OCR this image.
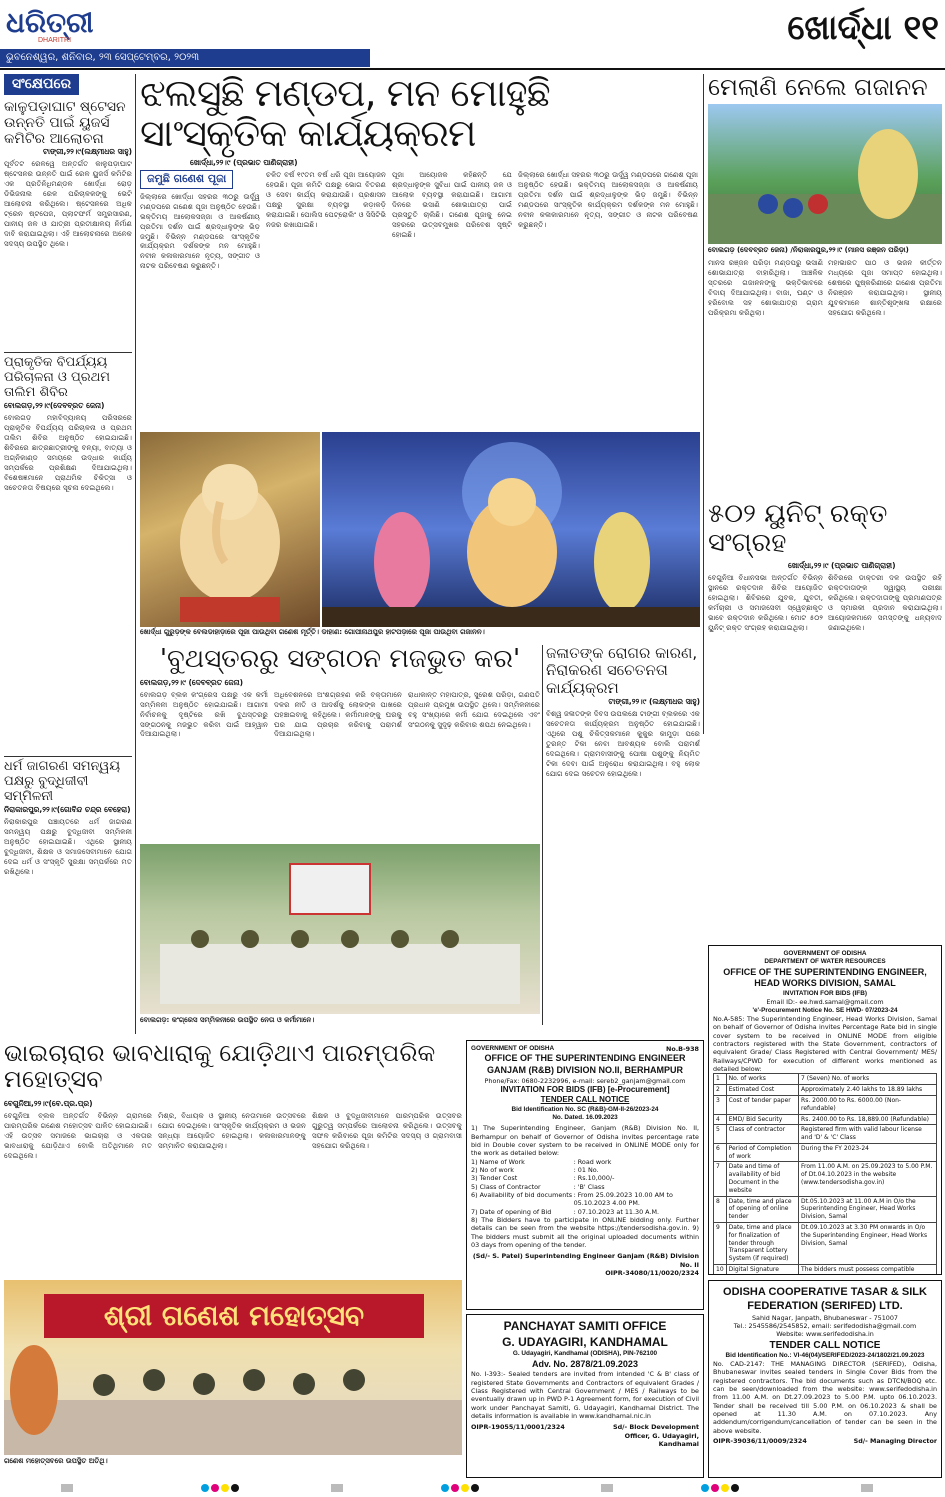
ଧରିତ୍ରୀ
DHARITRI
ଭୁବନେଶ୍ୱର, ଶନିବାର, ୨୩ ସେପ୍ଟେମ୍ବର, ୨୦୨୩
ଖୋର୍ଦ୍ଧା ୧୧
ସଂକ୍ଷେପରେ
କାଳୁପଡ଼ାଘାଟ ଷ୍ଟେସନ ଉନ୍ନତି ପାଇଁ ୟୁଜର୍ସ କମିଟିର ଆଲୋଚନା
ଟାଙ୍ଗୀ,୨୨।୯(ଲକ୍ଷ୍ମୀଧର ସାହୁ)
ପୂର୍ବତଟ ରେଳୱେ ଅନ୍ତର୍ଗତ କାଳୁପଡ଼ାଘାଟ ଷ୍ଟେସନର ଉନ୍ନତି ପାଇଁ ରେଳ ୟୁଜର୍ସ କମିଟିର ଏକ ପ୍ରତିନିଧିମଣ୍ଡଳ ଖୋର୍ଦ୍ଧା ରୋଡ଼ ଡିଭିଜନାଲ ରେଳ ପରିଚାଳକଙ୍କୁ ଭେଟି ଆଲୋଚନା କରିଥିଲେ। ଷ୍ଟେସନରେ ଅଧିକ ଟ୍ରେନ ଷ୍ଟପେଜ, ପ୍ଲାଟଫର୍ମ ସମ୍ପ୍ରସାରଣ, ପାନୀୟ ଜଳ ଓ ଯାତ୍ରୀ ପ୍ରତୀକ୍ଷାଳୟ ନିର୍ମାଣ ଦାବି କରାଯାଇଥିଲା। ଏହି ଆଲୋଚନାରେ ଅନେକ ସଦସ୍ୟ ଉପସ୍ଥିତ ଥିଲେ।
ପ୍ରାକୃତିକ ବିପର୍ଯ୍ୟୟ ପରିଚାଳନା ଓ ପ୍ରଥମ ତାଲିମ ଶିବିର
ବୋଲଗଡ଼,୨୨।୯(ଦେବବ୍ରତ ଜେନା)
ବୋଲଗଡ଼ ମହାବିଦ୍ୟାଳୟ ପରିସରରେ ପ୍ରାକୃତିକ ବିପର୍ଯ୍ୟୟ ପରିଚାଳନା ଓ ପ୍ରଥମ ତାଲିମ ଶିବିର ଅନୁଷ୍ଠିତ ହୋଇଯାଇଛି। ଶିବିରରେ ଛାତ୍ରଛାତ୍ରୀଙ୍କୁ ବନ୍ୟା, ବାତ୍ୟା ଓ ଅଗ୍ନିକାଣ୍ଡ ସମୟରେ ଉଦ୍ଧାର କାର୍ଯ୍ୟ ସମ୍ପର୍କରେ ପ୍ରଶିକ୍ଷଣ ଦିଆଯାଇଥିଲା। ବିଶେଷଜ୍ଞମାନେ ପ୍ରାଥମିକ ଚିକିତ୍ସା ଓ ସଚେତନତା ବିଷୟରେ ସୂଚନା ଦେଇଥିଲେ।
ଧର୍ମ ଜାଗରଣ ସମନ୍ୱୟ ପକ୍ଷରୁ ବୁଦ୍ଧିଜୀବୀ ସମ୍ମିଳନୀ
ନିରାକାରପୁର,୨୨।୯(ଗୋବିନ୍ଦ ଚନ୍ଦ୍ର ବେହେରା)
ନିରାକାରପୁର ପଞ୍ଚାୟତରେ ଧର୍ମ ଜାଗରଣ ସମନ୍ୱୟ ପକ୍ଷରୁ ବୁଦ୍ଧିଜୀବୀ ସମ୍ମିଳନୀ ଅନୁଷ୍ଠିତ ହୋଇଯାଇଛି। ଏଥିରେ ସ୍ଥାନୀୟ ବୁଦ୍ଧିଜୀବୀ, ଶିକ୍ଷକ ଓ ସମାଜସେବୀମାନେ ଯୋଗ ଦେଇ ଧର୍ମ ଓ ସଂସ୍କୃତି ସୁରକ୍ଷା ସମ୍ପର୍କରେ ମତ ରଖିଥିଲେ।
ଝଲସୁଛି ମଣ୍ଡପ, ମନ ମୋହୁଛି ସାଂସ୍କୃତିକ କାର୍ଯ୍ୟକ୍ରମ
ଖୋର୍ଦ୍ଧା,୨୨।୯ (ପ୍ରଭାତ ପାଣିଗ୍ରାହୀ)
ଜମୁଛି ଗଣେଶ ପୂଜା
ଜିଲ୍ଲାରେ ଖୋର୍ଦ୍ଧା ସହରର ୩୦ରୁ ଊର୍ଦ୍ଧ୍ୱ ମଣ୍ଡପରେ ଗଣେଶ ପୂଜା ଅନୁଷ୍ଠିତ ହେଉଛି। ଭକ୍ତିମୟ ଆଲୋକସଜ୍ଜା ଓ ଆକର୍ଷଣୀୟ ପ୍ରତିମା ଦର୍ଶନ ପାଇଁ ଶ୍ରଦ୍ଧାଳୁଙ୍କ ଭିଡ଼ ଜମୁଛି। ବିଭିନ୍ନ ମଣ୍ଡପରେ ସାଂସ୍କୃତିକ କାର୍ଯ୍ୟକ୍ରମ ଦର୍ଶକଙ୍କ ମନ ମୋହୁଛି। ନବୀନ କଳାକାରମାନେ ନୃତ୍ୟ, ସଙ୍ଗୀତ ଓ ନାଟକ ପରିବେଷଣ କରୁଛନ୍ତି।
ଚଳିତ ବର୍ଷ ୧୯ତମ ବର୍ଷ ଧରି ପୂଜା ଆୟୋଜନ ହେଉଛି। ପୂଜା କମିଟି ପକ୍ଷରୁ ଭୋଗ ବିତରଣ ଓ ସେବା କାର୍ଯ୍ୟ କରାଯାଉଛି। ପ୍ରଶାସନ ପକ୍ଷରୁ ସୁରକ୍ଷା ବ୍ୟବସ୍ଥା କଡ଼ାକଡ଼ି କରାଯାଇଛି। ପୋଲିସ ପେଟ୍ରୋଲିଂ ଓ ସିସିଟିଭି ନଜର ରଖାଯାଇଛି।
ପୂଜା ଆୟୋଜକ କହିଛନ୍ତି ଯେ ଶ୍ରଦ୍ଧାଳୁଙ୍କ ସୁବିଧା ପାଇଁ ପାନୀୟ ଜଳ ଓ ଆଲୋକ ବ୍ୟବସ୍ଥା କରାଯାଇଛି। ଆଗାମୀ ଦିନରେ ଭସାଣି ଶୋଭାଯାତ୍ରା ପାଇଁ ପ୍ରସ୍ତୁତି ଚାଲିଛି। ଗଣେଶ ପୂଜାକୁ ନେଇ ସହରରେ ଉତ୍ସବମୁଖର ପରିବେଶ ସୃଷ୍ଟି ହୋଇଛି।
ଜିଲ୍ଲାରେ ଖୋର୍ଦ୍ଧା ସହରର ୩୦ରୁ ଊର୍ଦ୍ଧ୍ୱ ମଣ୍ଡପରେ ଗଣେଶ ପୂଜା ଅନୁଷ୍ଠିତ ହେଉଛି। ଭକ୍ତିମୟ ଆଲୋକସଜ୍ଜା ଓ ଆକର୍ଷଣୀୟ ପ୍ରତିମା ଦର୍ଶନ ପାଇଁ ଶ୍ରଦ୍ଧାଳୁଙ୍କ ଭିଡ଼ ଜମୁଛି। ବିଭିନ୍ନ ମଣ୍ଡପରେ ସାଂସ୍କୃତିକ କାର୍ଯ୍ୟକ୍ରମ ଦର୍ଶକଙ୍କ ମନ ମୋହୁଛି। ନବୀନ କଳାକାରମାନେ ନୃତ୍ୟ, ସଙ୍ଗୀତ ଓ ନାଟକ ପରିବେଷଣ କରୁଛନ୍ତି।
ଖୋର୍ଦ୍ଧା ଗୁରୁଡ଼ଙ୍କ ବେଲଡାହାଡ଼ାରେ ପୂଜା ପାଉଥିବା ଗଣେଶ ମୂର୍ତ୍ତି। ଡାହାଣ: ଗୋପୀନାଥପୁର ହାଟପଡ଼ାରେ ପୂଜା ପାଉଥିବା ଗଜାନନ।
ମେଲାଣି ନେଲେ ଗଜାନନ
ବୋଲଗଡ଼ (ଦେବବ୍ରତ ଜେନା) /ନିରାକାରପୁର,୨୨।୯ (ମାନସ ରଞ୍ଜନ ପରିଡ଼ା)
ମାନସ ରଞ୍ଜନ ପରିଡ଼ା ମଣ୍ଡପରୁ ଭସାଣି ଶୋଭାଯାତ୍ରା ବାହାରିଥିଲା। ଆଞ୍ଚଳିକ ସ୍ତରରେ ଗଜାନନଙ୍କୁ ଭକ୍ତିଭାବରେ ବିଦାୟ ଦିଆଯାଇଥିଲା। ବାଜା, ଘଣ୍ଟ ଓ ହରିବୋଲ ସହ ଶୋଭାଯାତ୍ରା ଗ୍ରାମ ପରିକ୍ରମା କରିଥିଲା।
ମହାଭାରତ ପାଠ ଓ ଭଜନ କୀର୍ତ୍ତନ ମଧ୍ୟରେ ପୂଜା ସମାପ୍ତ ହୋଇଥିଲା। ଶେଷରେ ପୁଷ୍କରିଣୀରେ ଗଣେଶ ପ୍ରତିମା ନିରଞ୍ଜନ କରାଯାଇଥିଲା। ସ୍ଥାନୀୟ ଯୁବକମାନେ ଶାନ୍ତିଶୃଙ୍ଖଳା ରକ୍ଷାରେ ସହଯୋଗ କରିଥିଲେ।
୫୦୨ ୟୁନିଟ୍ ରକ୍ତ ସଂଗ୍ରହ
ଖୋର୍ଦ୍ଧା,୨୨।୯ (ପ୍ରଭାତ ପାଣିଗ୍ରାହୀ)
ବେଗୁନିଆ ବିଧାନସଭା ଅନ୍ତର୍ଗତ ବିଭିନ୍ନ ସ୍ଥାନରେ ରକ୍ତଦାନ ଶିବିର ଆୟୋଜିତ ହୋଇଥିଲା। ଶିବିରରେ ଯୁବକ, ଯୁବତୀ, କର୍ମଚାରୀ ଓ ସମାଜସେବୀ ସ୍ୱେଚ୍ଛାକୃତ ଭାବେ ରକ୍ତଦାନ କରିଥିଲେ। ମୋଟ ୫୦୨ ୟୁନିଟ୍ ରକ୍ତ ସଂଗ୍ରହ କରାଯାଇଥିଲା।
ଶିବିରରେ ଡାକ୍ତରୀ ଦଳ ଉପସ୍ଥିତ ରହି ରକ୍ତଦାତାଙ୍କ ସ୍ୱାସ୍ଥ୍ୟ ପରୀକ୍ଷା କରିଥିଲେ। ରକ୍ତଦାତାଙ୍କୁ ପ୍ରମାଣପତ୍ର ଓ ସ୍ମାରକୀ ପ୍ରଦାନ କରାଯାଇଥିଲା। ଆୟୋଜକମାନେ ସମସ୍ତଙ୍କୁ ଧନ୍ୟବାଦ ଜଣାଇଥିଲେ।
'ବୁଥସ୍ତରରୁ ସଙ୍ଗଠନ ମଜଭୁତ କର'
ବୋଲଗଡ଼,୨୨।୯ (ଦେବବ୍ରତ ଜେନା)
ବୋଲଗଡ଼ ବ୍ଲକ କଂଗ୍ରେସ ପକ୍ଷରୁ ଏକ କର୍ମୀ ସମ୍ମିଳନୀ ଅନୁଷ୍ଠିତ ହୋଇଯାଇଛି। ଆଗାମୀ ନିର୍ବାଚନକୁ ଦୃଷ୍ଟିରେ ରଖି ବୁଥସ୍ତରରୁ ସଙ୍ଗଠନକୁ ମଜଭୁତ କରିବା ପାଇଁ ଆହ୍ୱାନ ଦିଆଯାଇଥିଲା।
ଅଧିବେଶନରେ ଅଂଶଗ୍ରହଣ କରି ବକ୍ତାମାନେ ଦଳର ନୀତି ଓ ଆଦର୍ଶକୁ ଲୋକଙ୍କ ପାଖରେ ପହଞ୍ଚାଇବାକୁ କହିଥିଲେ। କର୍ମୀମାନଙ୍କୁ ଘରକୁ ଘର ଯାଇ ପ୍ରଚାର କରିବାକୁ ପରାମର୍ଶ ଦିଆଯାଇଥିଲା।
ରାଧାକାନ୍ତ ମହାପାତ୍ର, ସୁରେଶ ପରିଡ଼ା, ଗଣପତି ପ୍ରଧାନ ପ୍ରମୁଖ ଉପସ୍ଥିତ ଥିଲେ। ସମ୍ମିଳନୀରେ ବହୁ ସଂଖ୍ୟାରେ କର୍ମୀ ଯୋଗ ଦେଇଥିଲେ ଏବଂ ସଂଗଠନକୁ ସୁଦୃଢ଼ କରିବାର ଶପଥ ନେଇଥିଲେ।
ବୋଲଗଡ଼: କଂଗ୍ରେସ ସମ୍ମିଳନୀରେ ଉପସ୍ଥିତ ନେତା ଓ କର୍ମୀମାନେ।
ଜଳାତଙ୍କ ରୋଗର କାରଣ, ନିରାକରଣ ସଚେତନତା କାର୍ଯ୍ୟକ୍ରମ
ଟାଙ୍ଗୀ,୨୨।୯ (ଲକ୍ଷ୍ମୀଧର ସାହୁ)
ବିଶ୍ୱ ଜଳାତଙ୍କ ଦିବସ ଉପଲକ୍ଷେ ଟାଙ୍ଗୀ ବ୍ଲକରେ ଏକ ସଚେତନତା କାର୍ଯ୍ୟକ୍ରମ ଅନୁଷ୍ଠିତ ହୋଇଯାଇଛି। ଏଥିରେ ପଶୁ ଚିକିତ୍ସକମାନେ କୁକୁର କାମୁଡ଼ା ପରେ ତୁରନ୍ତ ଟିକା ନେବା ଆବଶ୍ୟକ ବୋଲି ପରାମର୍ଶ ଦେଇଥିଲେ। ଗ୍ରାମବାସୀଙ୍କୁ ପୋଷା ପଶୁଙ୍କୁ ନିୟମିତ ଟିକା ଦେବା ପାଇଁ ଅନୁରୋଧ କରାଯାଇଥିଲା। ବହୁ ଲୋକ ଯୋଗ ଦେଇ ସଚେତନ ହୋଇଥିଲେ।
GOVERNMENT OF ODISHA
DEPARTMENT OF WATER RESOURCES
OFFICE OF THE SUPERINTENDING ENGINEER, HEAD WORKS DIVISION, SAMAL
INVITATION FOR BIDS (IFB)
Email ID:- ee.hwd.samal@gmail.com
'e'-Procurement Notice No. SE HWD- 07/2023-24
No.A-585: The Superintending Engineer, Head Works Division, Samal on behalf of Governor of Odisha invites Percentage Rate bid in single cover system to be received in ONLINE MODE from eligible contractors registered with the State Government, contractors of equivalent Grade/ Class Registered with Central Government/ MES/ Railways/CPWD for execution of different works mentioned as detailed below:
1	No. of works	7 (Seven) No. of works
2	Estimated Cost	Approximately 2.40 lakhs to 18.89 lakhs
3	Cost of tender paper	Rs. 2000.00 to Rs. 6000.00 (Non-refundable)
4	EMD/ Bid Security	Rs. 2400.00 to Rs. 18,889.00 (Refundable)
5	Class of contractor	Registered firm with valid labour license and 'D' & 'C' Class
6	Period of Completion of work	During the FY 2023-24
7	Date and time of availability of bid Document in the website	From 11.00 A.M. on 25.09.2023 to 5.00 P.M. of Dt.04.10.2023 in the website (www.tendersodisha.gov.in)
8	Date, time and place of opening of online tender	Dt.05.10.2023 at 11.00 A.M in O/o the Superintending Engineer, Head Works Division, Samal
9	Date, time and place for finalization of tender through Transparent Lottery System (if required)	Dt.09.10.2023 at 3.30 PM onwards in O/o the Superintending Engineer, Head Works Division, Samal
10	Digital Signature	The bidders must possess compatible

ଭାଇଚାରାର ଭାବଧାରାକୁ ଯୋଡ଼ିଥାଏ ପାରମ୍ପରିକ ମହୋତ୍ସବ
ବେଗୁନିଆ,୨୨।୯(ବେ.ପ୍ର.ପ୍ର)
ବେଗୁନିଆ ବ୍ଲକ ଅନ୍ତର୍ଗତ ବିଭିନ୍ନ ଗ୍ରାମରେ ପାରମ୍ପରିକ ଗଣେଶ ମହୋତ୍ସବ ପାଳିତ ହୋଇଯାଇଛି। ଏହି ଉତ୍ସବ ସମାଜରେ ଭାଇଚାରା ଓ ଏକତାର ଭାବଧାରାକୁ ଯୋଡ଼ିଥାଏ ବୋଲି ଅତିଥିମାନେ ମତ ଦେଇଥିଲେ।
ମିଶ୍ର, ବିଧାୟକ ଓ ସ୍ଥାନୀୟ ନେତାମାନେ ଉତ୍ସବରେ ଯୋଗ ଦେଇଥିଲେ। ସାଂସ୍କୃତିକ କାର୍ଯ୍ୟକ୍ରମ ଓ ଭଜନ ସନ୍ଧ୍ୟା ଆୟୋଜିତ ହୋଇଥିଲା। କଳାକାରମାନଙ୍କୁ ସମ୍ମାନିତ କରାଯାଇଥିଲା।
ଶିକ୍ଷକ ଓ ବୁଦ୍ଧିଜୀବୀମାନେ ପାରମ୍ପରିକ ଉତ୍ସବର ଗୁରୁତ୍ୱ ସମ୍ପର୍କରେ ଆଲୋଚନା କରିଥିଲେ। ଉତ୍ସବକୁ ସଫଳ କରିବାରେ ପୂଜା କମିଟିର ସଦସ୍ୟ ଓ ଗ୍ରାମବାସୀ ସହଯୋଗ କରିଥିଲେ।
ଶ୍ରୀ ଗଣେଶ ମହୋତ୍ସବ
ଗଣେଶ ମହୋତ୍ସବରେ ଉପସ୍ଥିତ ଅତିଥି।
GOVERNMENT OF ODISHA	No.B-938
OFFICE OF THE SUPERINTENDING ENGINEER GANJAM (R&B) DIVISION NO.II, BERHAMPUR
Phone/Fax: 0680-2232996, e-mail: sereb2_ganjam@gmail.com
INVITATION FOR BIDS (IFB) [e-Procurement]
TENDER CALL NOTICE
Bid Identification No. SC (R&B)-GM-II-26/2023-24
No. Dated. 16.09.2023
1) The Superintending Engineer, Ganjam (R&B) Division No. II, Berhampur on behalf of Governor of Odisha invites percentage rate bid in Double cover system to be received in ONLINE MODE only for the work as detailed below:
1) Name of Work	: Road work
2) No of work	: 01 No.
3) Tender Cost	: Rs.10,000/-
5) Class of Contractor	: 'B' Class
6) Availability of bid documents : From 25.09.2023 10.00 AM to 05.10.2023 4.00 PM.
7) Date of opening of Bid	: 07.10.2023 at 11.30 A.M.
8) The Bidders have to participate in ONLINE bidding only. Further details can be seen from the website https://tendersodisha.gov.in. 9) The bidders must submit all the original uploaded documents within 03 days from opening of the tender.
(Sd/- S. Patel) Superintending Engineer Ganjam (R&B) Division No. II
OIPR-34080/11/0020/2324
PANCHAYAT SAMITI OFFICE
G. UDAYAGIRI, KANDHAMAL
G. Udayagiri, Kandhamal (ODISHA), PIN-762100
Adv. No. 2878/21.09.2023
No. I-393:- Sealed tenders are invited from intended 'C & B' class of registered State Governments and Contractors of equivalent Grades / Class Registered with Central Government / MES / Railways to be eventually drawn up in PWD P-1 Agreement form, for execution of Civil work under Panchayat Samiti, G. Udayagiri, Kandhamal District. The details information is available in www.kandhamal.nic.in
OIPR-19055/11/0001/2324	Sd/- Block Development Officer, G. Udayagiri, Kandhamal
ODISHA COOPERATIVE TASAR & SILK FEDERATION (SERIFED) LTD.
Sahid Nagar, Janpath, Bhubaneswar - 751007
Tel.: 2545586/2545852, email: serifedodisha@gmail.com
Website: www.serifedodisha.in
TENDER CALL NOTICE
Bid Identification No.: VI-46(04)/SERIFED/2023-24/1802/21.09.2023
No. CAD-2147: THE MANAGING DIRECTOR (SERIFED), Odisha, Bhubaneswar invites sealed tenders in Single Cover Bids from the registered contractors. The bid documents such as DTCN/BOQ etc. can be seen/downloaded from the website: www.serifedodisha.in from 11.00 A.M. on Dt.27.09.2023 to 5.00 P.M. upto 06.10.2023. Tender shall be received till 5.00 P.M. on 06.10.2023 & shall be opened at 11.30 A.M. on 07.10.2023. Any addendum/corrigendum/cancellation of tender can be seen in the above website.
OIPR-39036/11/0009/2324	Sd/- Managing Director
